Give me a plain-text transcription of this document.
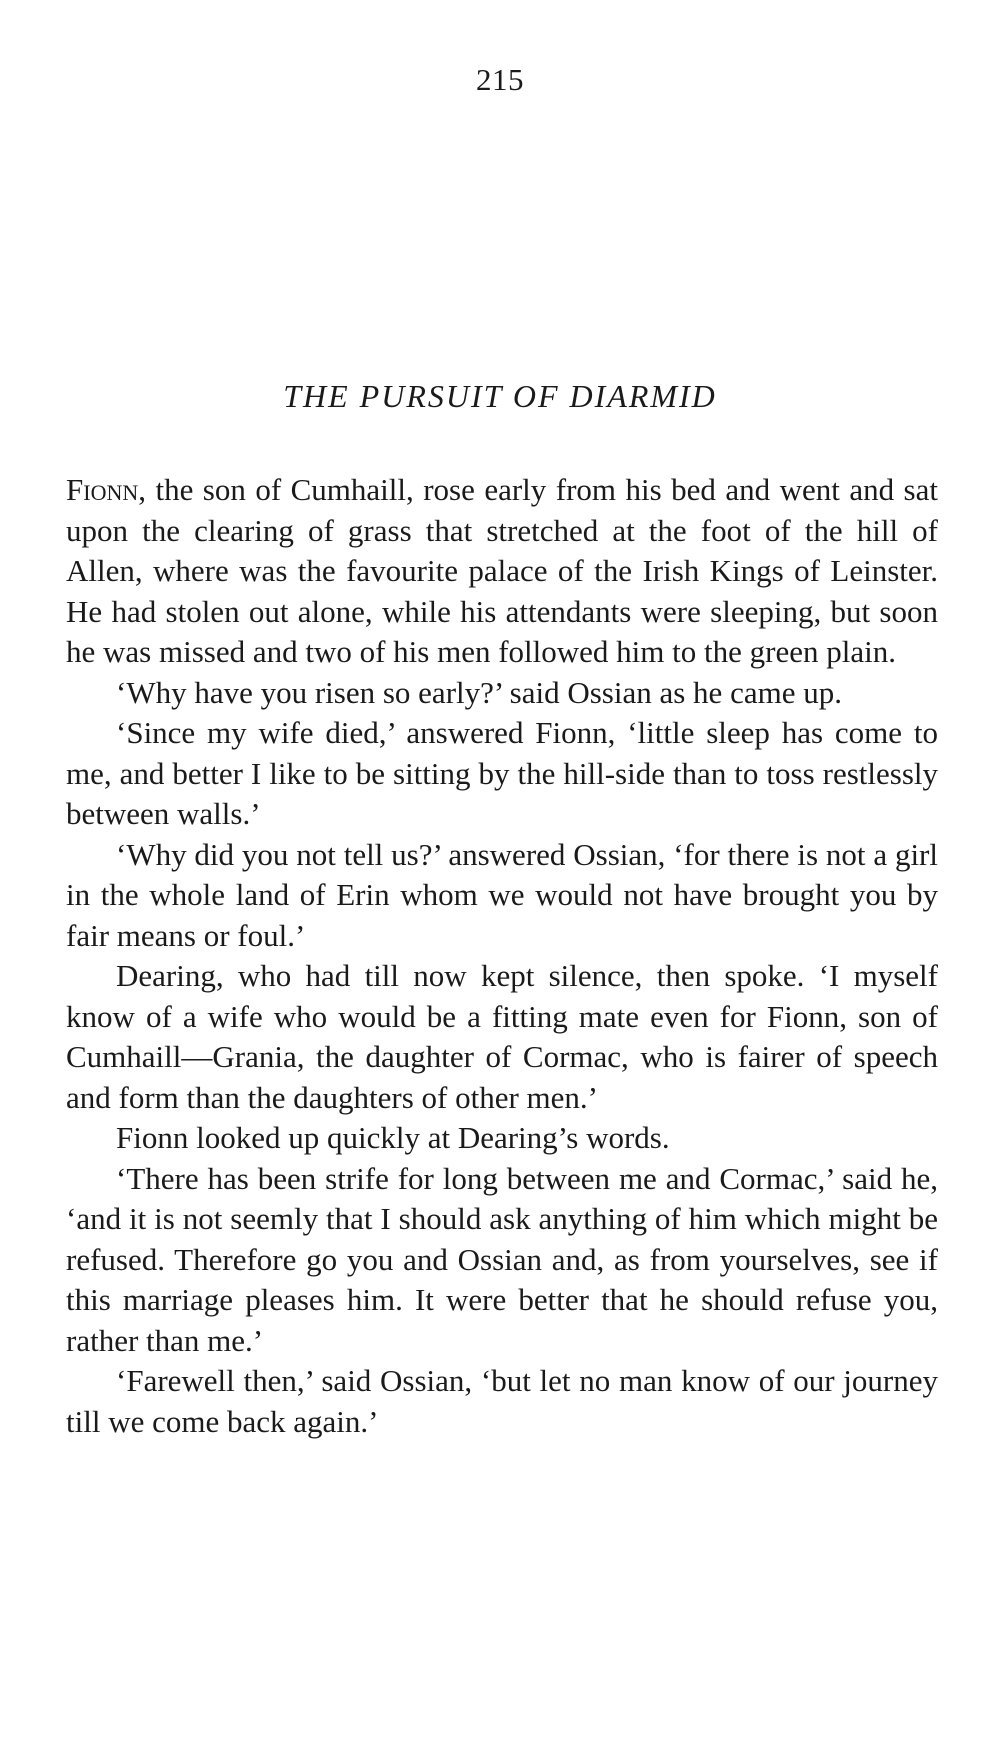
215
THE PURSUIT OF DIARMID

Fionn, the son of Cumhaill, rose early from his bed and went and sat upon the clearing of grass that stretched at the foot of the hill of Allen, where was the favourite palace of the Irish Kings of Leinster. He had stolen out alone, while his attendants were sleeping, but soon he was missed and two of his men followed him to the green plain.

‘Why have you risen so early?’ said Ossian as he came up.

‘Since my wife died,’ answered Fionn, ‘little sleep has come to me, and better I like to be sitting by the hill-side than to toss restlessly between walls.’

‘Why did you not tell us?’ answered Ossian, ‘for there is not a girl in the whole land of Erin whom we would not have brought you by fair means or foul.’

Dearing, who had till now kept silence, then spoke. ‘I myself know of a wife who would be a fitting mate even for Fionn, son of Cumhaill—Grania, the daughter of Cormac, who is fairer of speech and form than the daughters of other men.’

Fionn looked up quickly at Dearing’s words.

‘There has been strife for long between me and Cormac,’ said he, ‘and it is not seemly that I should ask anything of him which might be refused. Therefore go you and Ossian and, as from yourselves, see if this marriage pleases him. It were better that he should refuse you, rather than me.’

‘Farewell then,’ said Ossian, ‘but let no man know of our journey till we come back again.’
